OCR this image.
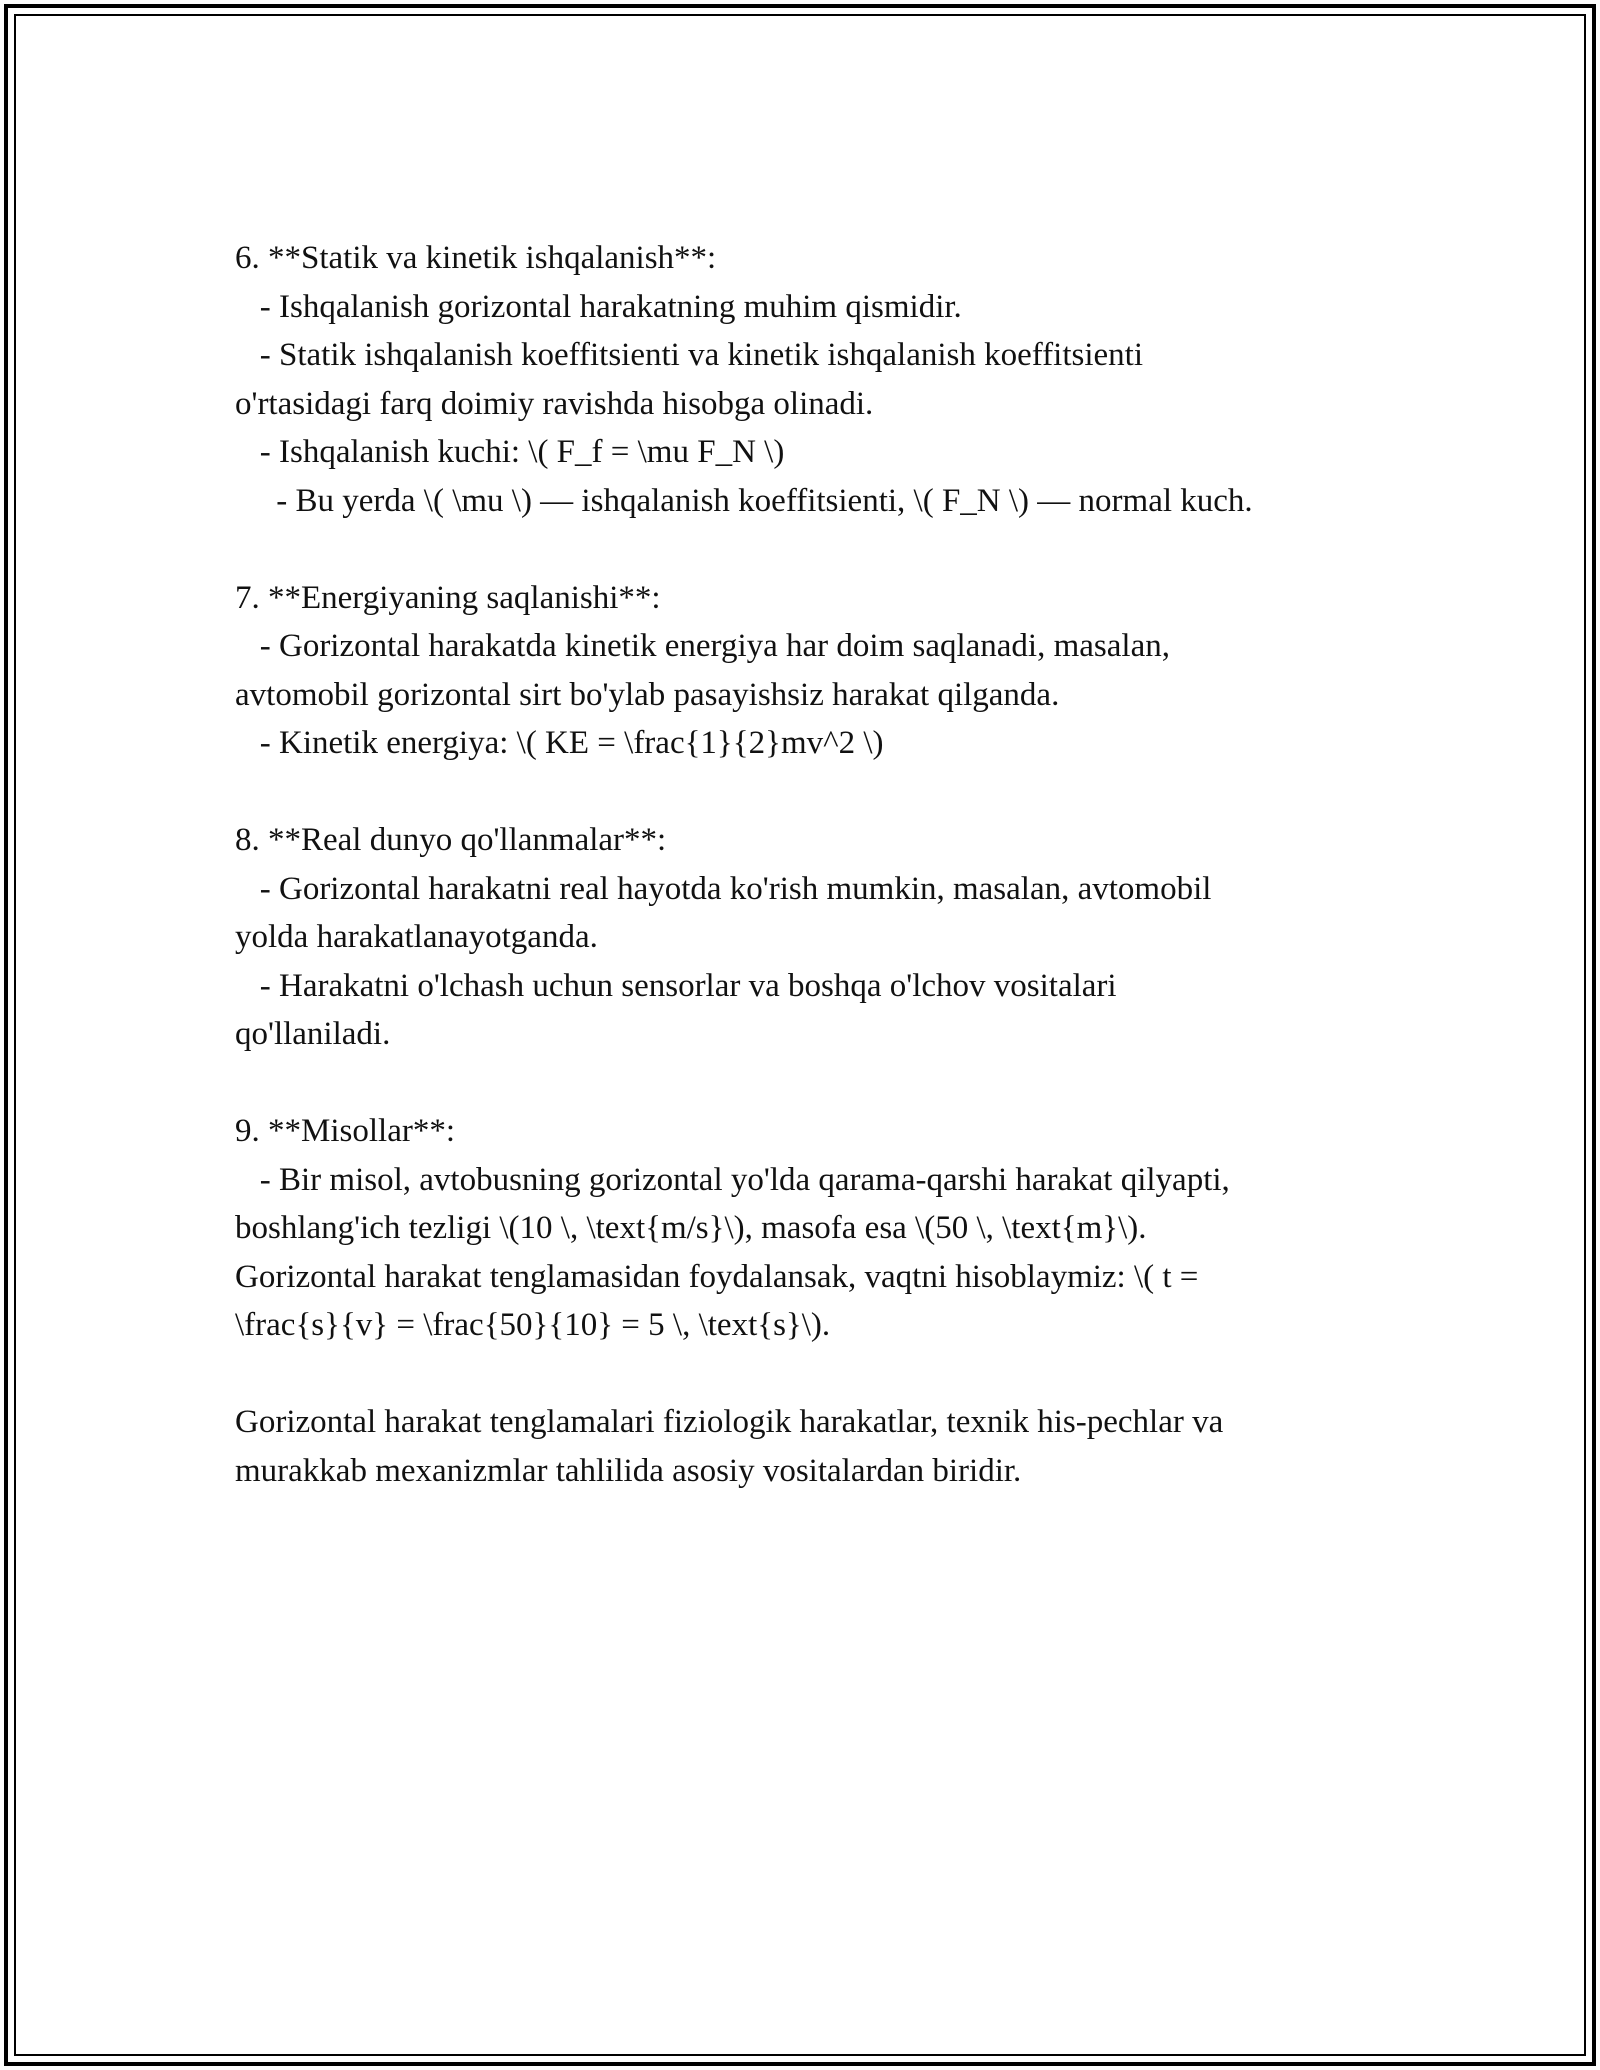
6. **Statik va kinetik ishqalanish**:
- Ishqalanish gorizontal harakatning muhim qismidir.
- Statik ishqalanish koeffitsienti va kinetik ishqalanish koeffitsienti
o'rtasidagi farq doimiy ravishda hisobga olinadi.
- Ishqalanish kuchi: \( F_f = \mu F_N \)
- Bu yerda \( \mu \) — ishqalanish koeffitsienti, \( F_N \) — normal kuch.
7. **Energiyaning saqlanishi**:
- Gorizontal harakatda kinetik energiya har doim saqlanadi, masalan,
avtomobil gorizontal sirt bo'ylab pasayishsiz harakat qilganda.
- Kinetik energiya: \( KE = \frac{1}{2}mv^2 \)
8. **Real dunyo qo'llanmalar**:
- Gorizontal harakatni real hayotda ko'rish mumkin, masalan, avtomobil
yolda harakatlanayotganda.
- Harakatni o'lchash uchun sensorlar va boshqa o'lchov vositalari
qo'llaniladi.
9. **Misollar**:
- Bir misol, avtobusning gorizontal yo'lda qarama-qarshi harakat qilyapti,
boshlang'ich tezligi \(10 \, \text{m/s}\), masofa esa \(50 \, \text{m}\).
Gorizontal harakat tenglamasidan foydalansak, vaqtni hisoblaymiz: \( t =
\frac{s}{v} = \frac{50}{10} = 5 \, \text{s}\).
Gorizontal harakat tenglamalari fiziologik harakatlar, texnik his-pechlar va
murakkab mexanizmlar tahlilida asosiy vositalardan biridir.
